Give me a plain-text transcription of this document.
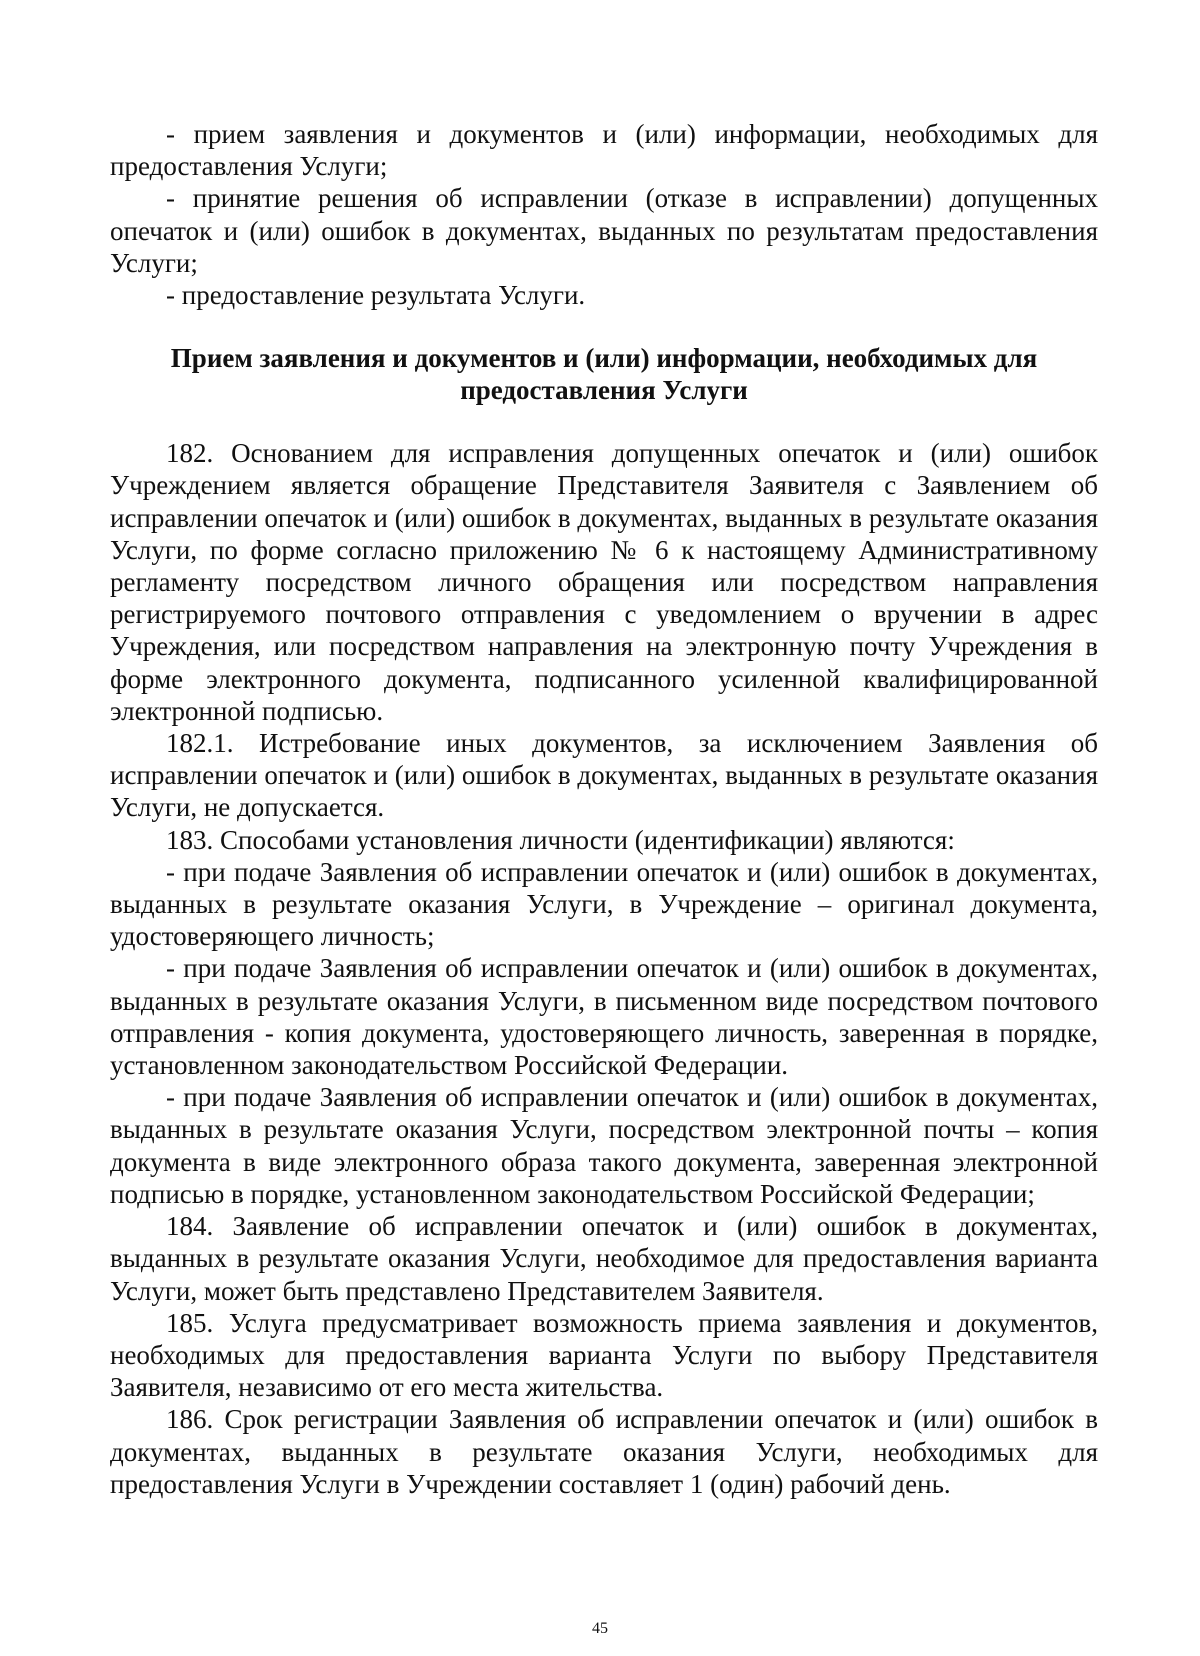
- прием заявления и документов и (или) информации, необходимых для предоставления Услуги;

- принятие решения об исправлении (отказе в исправлении) допущенных опечаток и (или) ошибок в документах, выданных по результатам предоставления Услуги;

- предоставление результата Услуги.

Прием заявления и документов и (или) информации, необходимых для
предоставления Услуги

182. Основанием для исправления допущенных опечаток и (или) ошибок Учреждением является обращение Представителя Заявителя с Заявлением об исправлении опечаток и (или) ошибок в документах, выданных в результате оказания Услуги, по форме согласно приложению № 6 к настоящему Административному регламенту посредством личного обращения или посредством направления регистрируемого почтового отправления с уведомлением о вручении в адрес Учреждения, или посредством направления на электронную почту Учреждения в форме электронного документа, подписанного усиленной квалифицированной электронной подписью.

182.1. Истребование иных документов, за исключением Заявления об исправлении опечаток и (или) ошибок в документах, выданных в результате оказания Услуги, не допускается.

183. Способами установления личности (идентификации) являются:

- при подаче Заявления об исправлении опечаток и (или) ошибок в документах, выданных в результате оказания Услуги, в Учреждение – оригинал документа, удостоверяющего личность;

- при подаче Заявления об исправлении опечаток и (или) ошибок в документах, выданных в результате оказания Услуги, в письменном виде посредством почтового отправления - копия документа, удостоверяющего личность, заверенная в порядке, установленном законодательством Российской Федерации.

- при подаче Заявления об исправлении опечаток и (или) ошибок в документах, выданных в результате оказания Услуги, посредством электронной почты – копия документа в виде электронного образа такого документа, заверенная электронной подписью в порядке, установленном законодательством Российской Федерации;

184. Заявление об исправлении опечаток и (или) ошибок в документах, выданных в результате оказания Услуги, необходимое для предоставления варианта Услуги, может быть представлено Представителем Заявителя.

185. Услуга предусматривает возможность приема заявления и документов, необходимых для предоставления варианта Услуги по выбору Представителя Заявителя, независимо от его места жительства.

186. Срок регистрации Заявления об исправлении опечаток и (или) ошибок в документах, выданных в результате оказания Услуги, необходимых для предоставления Услуги в Учреждении составляет 1 (один) рабочий день.

45
